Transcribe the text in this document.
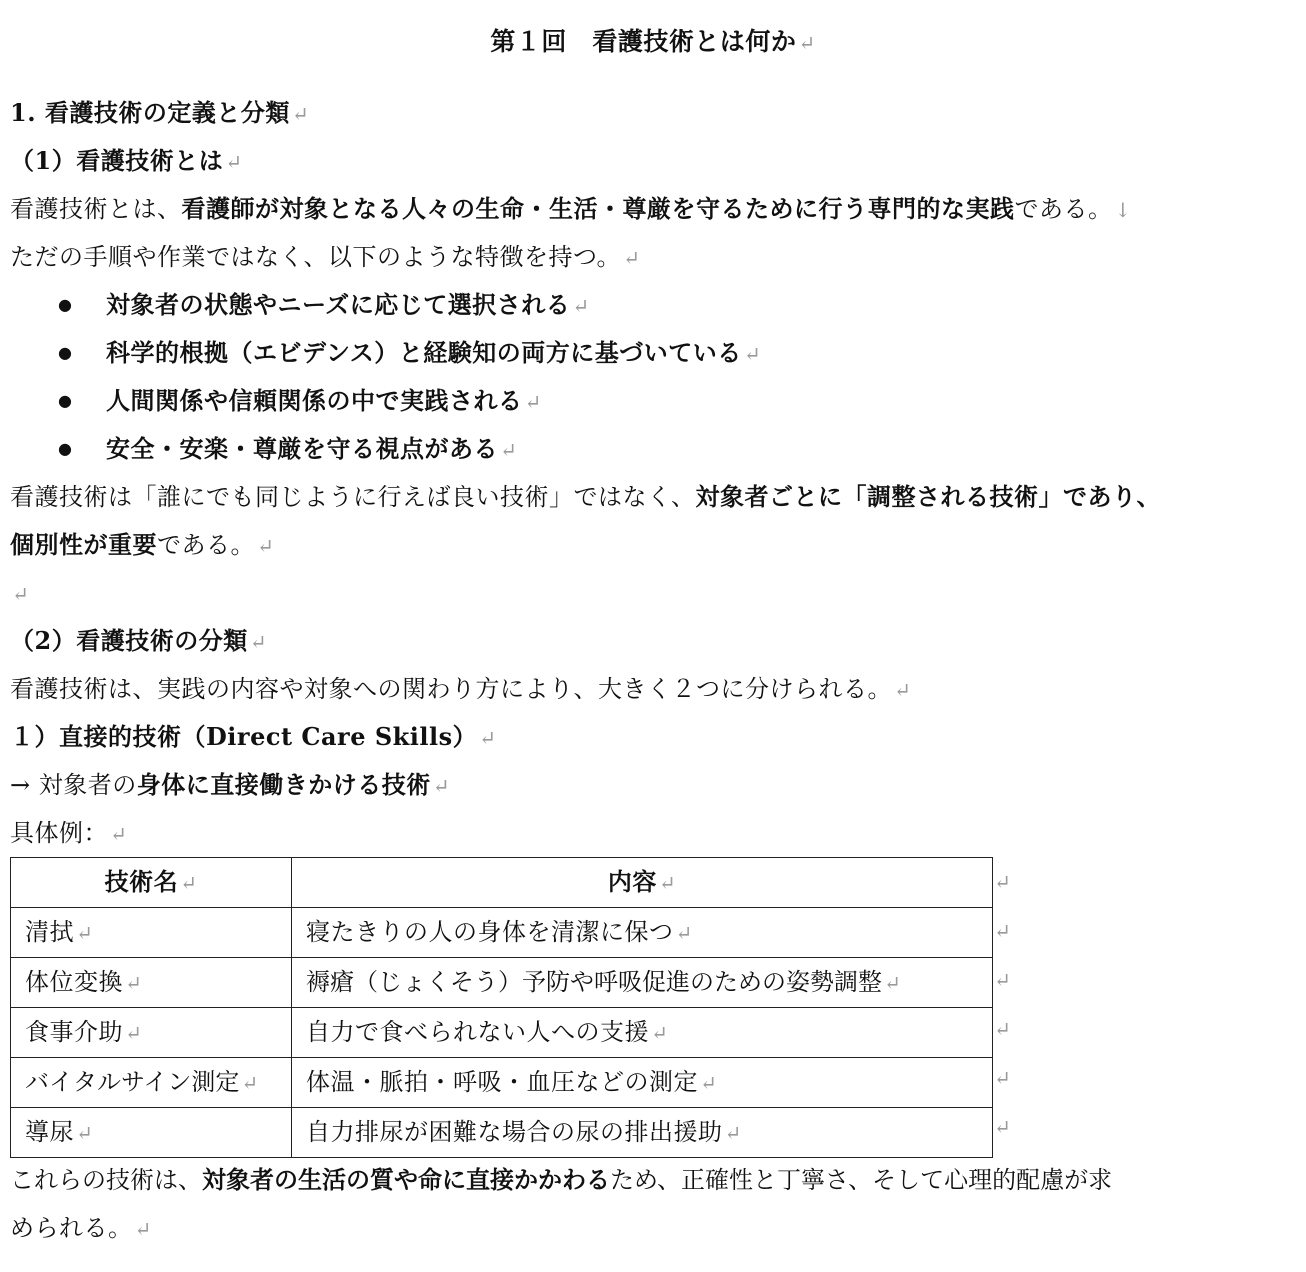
第１回　看護技術とは何か ↵
1. 看護技術の定義と分類 ↵
（1）看護技術とは ↵
看護技術とは、看護師が対象となる人々の生命・生活・尊厳を守るために行う専門的な実践である。 ↓
ただの手順や作業ではなく、以下のような特徴を持つ。 ↵
● 対象者の状態やニーズに応じて選択される ↵
● 科学的根拠（エビデンス）と経験知の両方に基づいている ↵
● 人間関係や信頼関係の中で実践される ↵
● 安全・安楽・尊厳を守る視点がある ↵
看護技術は「誰にでも同じように行えば良い技術」ではなく、対象者ごとに「調整される技術」であり、
個別性が重要である。 ↵
↵
（2）看護技術の分類 ↵
看護技術は、実践の内容や対象への関わり方により、大きく２つに分けられる。 ↵
１）直接的技術（Direct Care Skills） ↵
→ 対象者の身体に直接働きかける技術 ↵
具体例： ↵
技術名 ↵	内容 ↵
清拭 ↵	寝たきりの人の身体を清潔に保つ ↵
体位変換 ↵	褥瘡（じょくそう）予防や呼吸促進のための姿勢調整 ↵
食事介助 ↵	自力で食べられない人への支援 ↵
バイタルサイン測定 ↵	体温・脈拍・呼吸・血圧などの測定 ↵
導尿 ↵	自力排尿が困難な場合の尿の排出援助 ↵
↵
↵
↵
↵
↵
↵
これらの技術は、対象者の生活の質や命に直接かかわるため、正確性と丁寧さ、そして心理的配慮が求
められる。 ↵
